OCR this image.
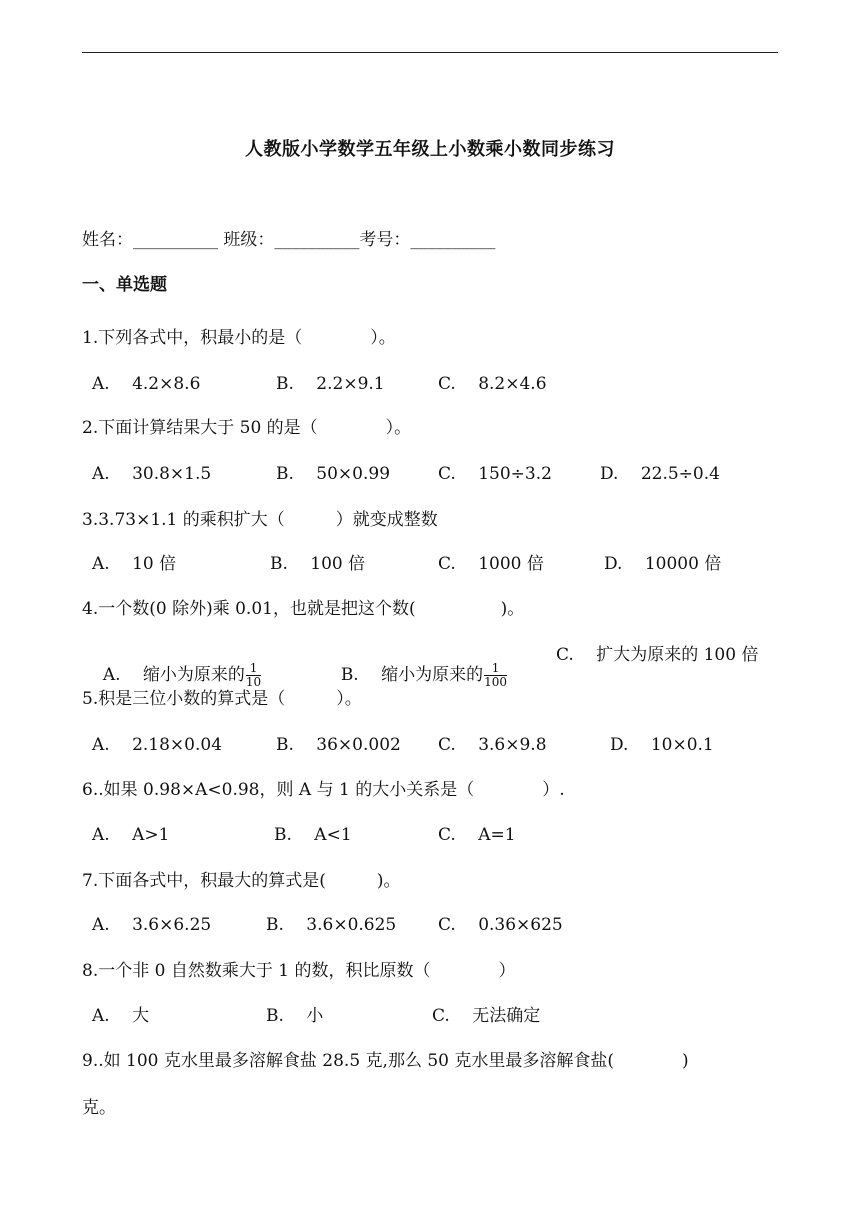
人教版小学数学五年级上小数乘小数同步练习
姓名：__________ 班级：__________考号：__________
一、单选题
1.下列各式中，积最小的是（　　　　）。
A.　 4.2×8.6	B.　 2.2×9.1	C.　 8.2×4.6
2.下面计算结果大于 50 的是（　　　　）。
A.　 30.8×1.5	B.　 50×0.99	C.　 150÷3.2	D.　 22.5÷0.4
3.3.73×1.1 的乘积扩大（　　　）就变成整数
A.　 10 倍	B.　 100 倍	C.　 1000 倍	D.　 10000 倍
4.一个数(0 除外)乘 0.01，也就是把这个数(　　　　　)。

A.　 缩小为原来的 $\frac{1}{10}$	B.　 缩小为原来的 $\frac{1}{100}$

C.　 扩大为原来的 100 倍
5.积是三位小数的算式是（　　　）。
A.　 2.18×0.04	B.　 36×0.002 C.　 3.6×9.8	D.　 10×0.1
6..如果 0.98×A<0.98，则 A 与 1 的大小关系是（　　　　）.
A.　 A>1	B.　 A<1	C.　 A=1
7.下面各式中，积最大的算式是(　　　)。
A.　 3.6×6.25	B.　 3.6×0.625 C.　 0.36×625
8.一个非 0 自然数乘大于 1 的数，积比原数（　　　　）
A.　 大	B.　 小	C.　 无法确定
9..如 100 克水里最多溶解食盐 28.5 克,那么 50 克水里最多溶解食盐(　　　　)
克。
